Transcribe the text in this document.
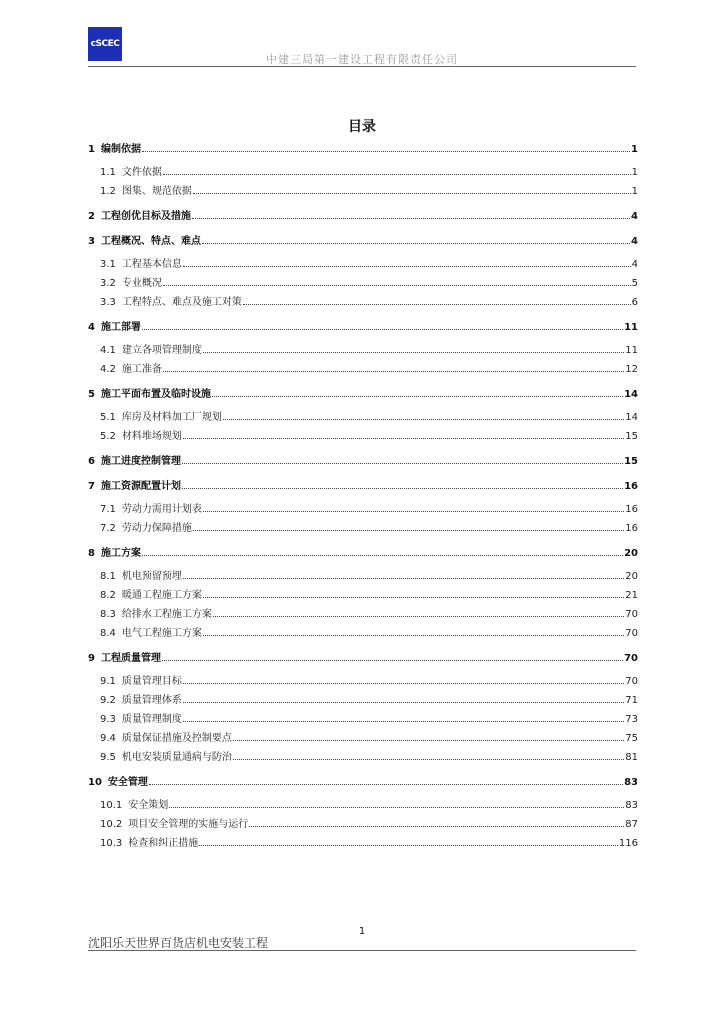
cSCEC
中建三局第一建设工程有限责任公司
目录
1 编制依据	1
1.1 文件依据	1
1.2 图集、规范依据	1
2 工程创优目标及措施	4
3 工程概况、特点、难点	4
3.1 工程基本信息	4
3.2 专业概况	5
3.3 工程特点、难点及施工对策	6
4 施工部署	11
4.1 建立各项管理制度	11
4.2 施工准备	12
5 施工平面布置及临时设施	14
5.1 库房及材料加工厂规划	14
5.2 材料堆场规划	15
6 施工进度控制管理	15
7 施工资源配置计划	16
7.1 劳动力需用计划表	16
7.2 劳动力保障措施	16
8 施工方案	20
8.1 机电预留预埋	20
8.2 暖通工程施工方案	21
8.3 给排水工程施工方案	70
8.4 电气工程施工方案	70
9 工程质量管理	70
9.1 质量管理目标	70
9.2 质量管理体系	71
9.3 质量管理制度	73
9.4 质量保证措施及控制要点	75
9.5 机电安装质量通病与防治	81
10 安全管理	83
10.1 安全策划	83
10.2 项目安全管理的实施与运行	87
10.3 检查和纠正措施	116
1
沈阳乐天世界百货店机电安装工程
